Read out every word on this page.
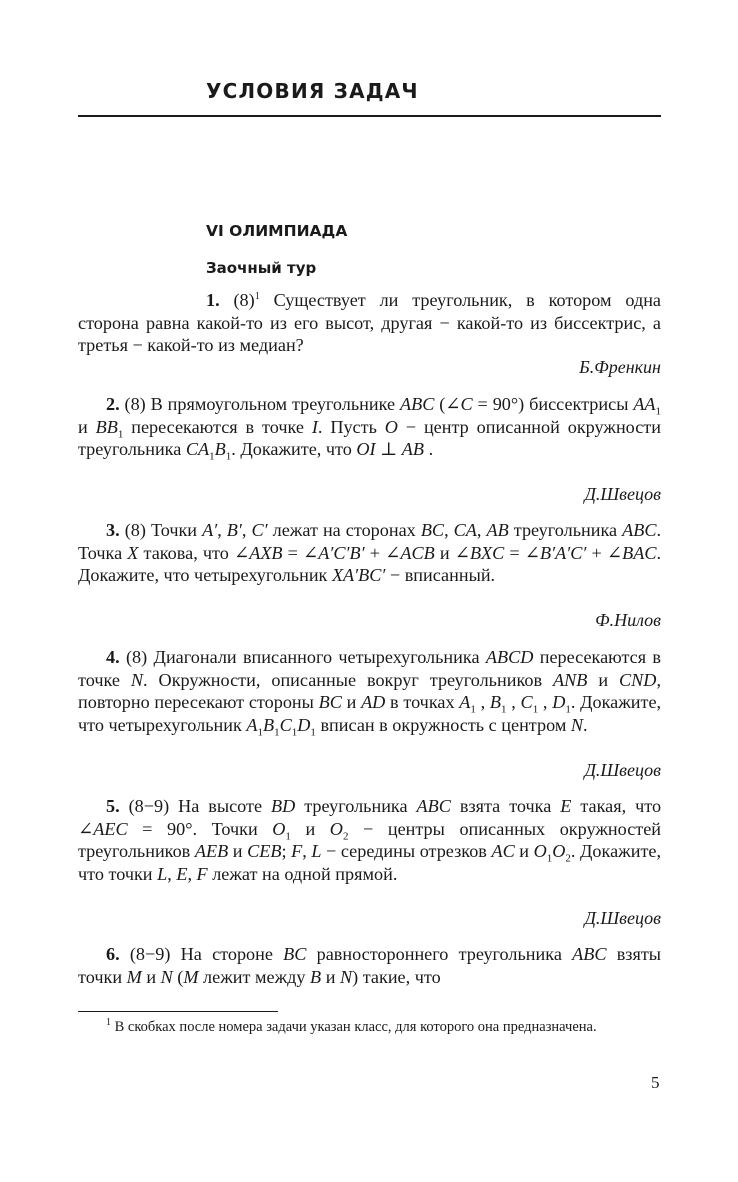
УСЛОВИЯ ЗАДАЧ
VI ОЛИМПИАДА
Заочный тур
1. (8)$^1$ Существует ли треугольник, в котором одна сторона равна какой-то из его высот, другая − какой-то из биссектрис, а третья − какой-то из медиан?
Б.Френкин
2. (8) В прямоугольном треугольнике ABC (∠C = 90°) биссектрисы $AA_1$ и $BB_1$ пересекаются в точке I. Пусть O − центр описанной окружности треугольника $CA_1B_1$. Докажите, что OI ⊥ AB .
Д.Швецов
3. (8) Точки A′, B′, C′ лежат на сторонах BC, CA, AB треугольника ABC. Точка X такова, что ∠AXB = ∠A′C′B′ + ∠ACB и ∠BXC = ∠B′A′C′ + ∠BAC. Докажите, что четырехугольник XA′BC′ − вписанный.
Ф.Нилов
4. (8) Диагонали вписанного четырехугольника ABCD пересекаются в точке N. Окружности, описанные вокруг треугольников ANB и CND, повторно пересекают стороны BC и AD в точках $A_1$ , $B_1$ , $C_1$ , $D_1$. Докажите, что четырехугольник $A_1B_1C_1D_1$ вписан в окружность с центром N.
Д.Швецов
5. (8−9) На высоте BD треугольника ABC взята точка E такая, что ∠AEC = 90°. Точки $O_1$ и $O_2$ − центры описанных окружностей треугольников AEB и CEB; F, L − середины отрезков AC и $O_1O_2$. Докажите, что точки L, E, F лежат на одной прямой.
Д.Швецов
6. (8−9) На стороне BC равностороннего треугольника ABC взяты точки M и N (M лежит между B и N) такие, что
$^1$ В скобках после номера задачи указан класс, для которого она предназначена.
5
